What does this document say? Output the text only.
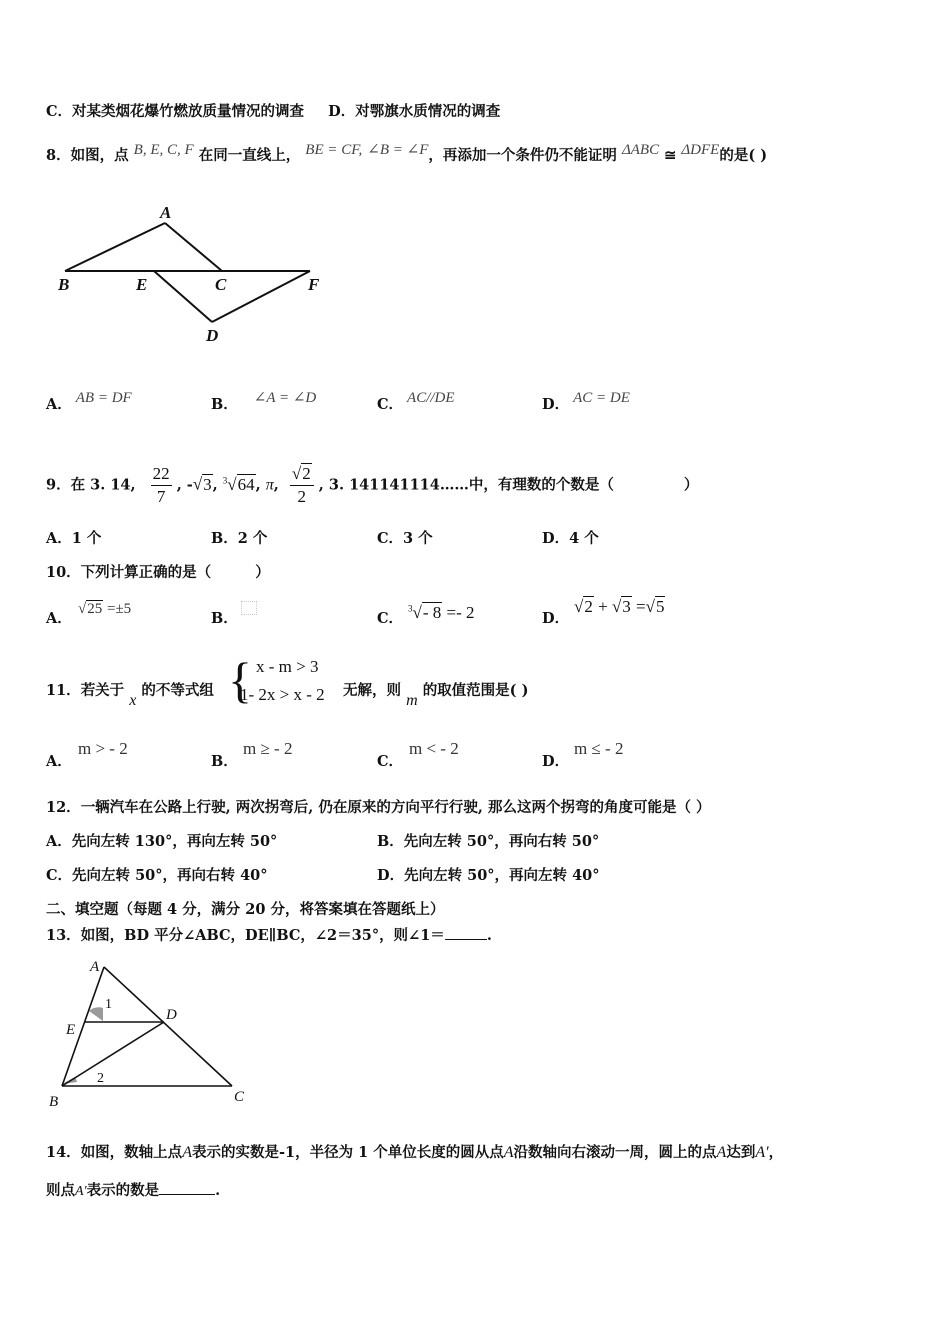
C．对某类烟花爆竹燃放质量情况的调查 D．对鄂旗水质情况的调查
8．如图，点 B, E, C, F 在同一直线上， BE = CF, ∠B = ∠F，再添加一个条件仍不能证明 ΔABC ≅ ΔDFE的是( )
A
B	E	C	F
D
A． AB = DF	B． ∠A = ∠D	C． AC//DE	D． AC = DE
9．在 3. 14, $\frac{22}{7}$ , -√3, $^3$√64, π, $\frac{√2}{2}$ , 3. 141141114……中，有理数的个数是（	）
A．1 个	B．2 个	C．3 个	D．4 个
10．下列计算正确的是（	）
A．
√25 =±5
B．	C．
$^3$√- 8 =- 2	D．
√2 + √3 =√5
11．若关于 x 的不等式组 { x - m > 3
1- 2x > x - 2 无解，则 m 的取值范围是( )
A．
m > - 2
B．
m ≥ - 2
C．
m < - 2
D．
m ≤ - 2
12．一辆汽车在公路上行驶, 两次拐弯后, 仍在原来的方向平行行驶, 那么这两个拐弯的角度可能是（ ）
A．先向左转 130°，再向左转 50°	B．先向左转 50°，再向右转 50°
C．先向左转 50°，再向右转 40°	D．先向左转 50°，再向左转 40°
二、填空题（每题 4 分，满分 20 分，将答案填在答题纸上）
13．如图，BD 平分∠ABC，DE∥BC，∠2＝35°，则∠1＝	.
A
E
B
D
C
1
2
14．如图，数轴上点A表示的实数是-1，半径为 1 个单位长度的圆从点A沿数轴向右滚动一周，圆上的点A达到A′，
则点A′表示的数是	.
